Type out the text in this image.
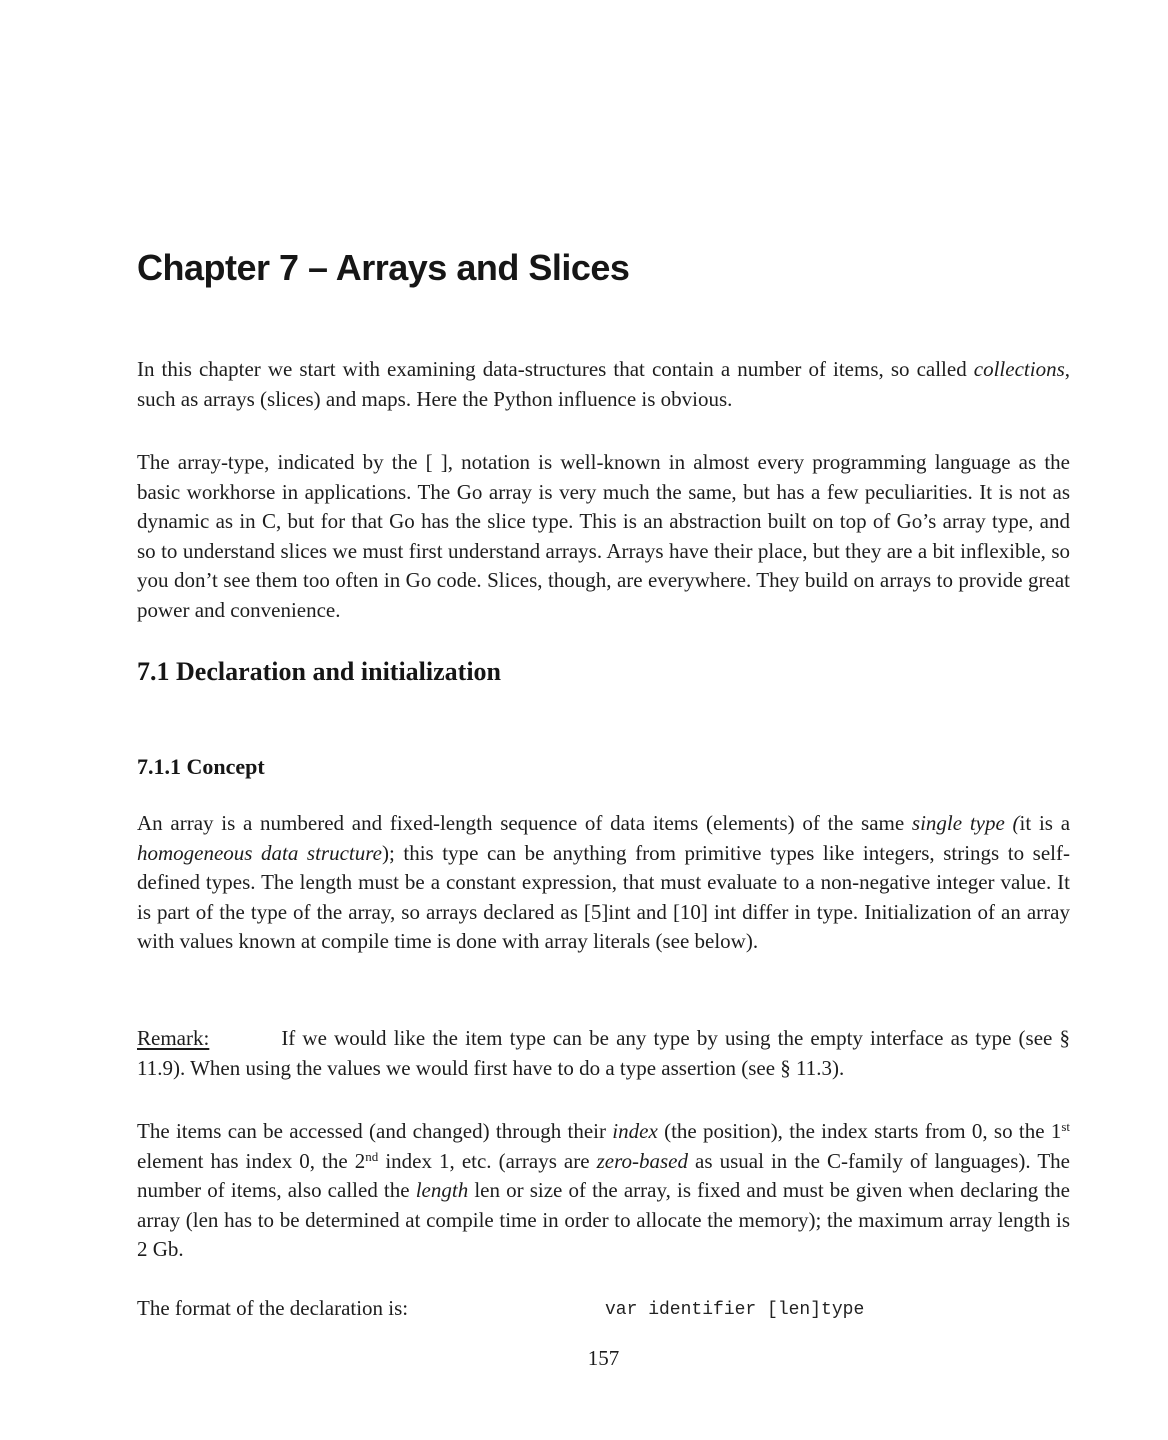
Chapter 7 – Arrays and Slices

In this chapter we start with examining data-structures that contain a number of items, so called collections, such as arrays (slices) and maps. Here the Python influence is obvious.

The array-type, indicated by the [ ], notation is well-known in almost every programming language as the basic workhorse in applications. The Go array is very much the same, but has a few peculiarities. It is not as dynamic as in C, but for that Go has the slice type. This is an abstraction built on top of Go’s array type, and so to understand slices we must first understand arrays. Arrays have their place, but they are a bit inflexible, so you don’t see them too often in Go code. Slices, though, are everywhere. They build on arrays to provide great power and convenience.

7.1 Declaration and initialization
7.1.1 Concept

An array is a numbered and fixed-length sequence of data items (elements) of the same single type (it is a homogeneous data structure); this type can be anything from primitive types like integers, strings to self-defined types. The length must be a constant expression, that must evaluate to a non-negative integer value. It is part of the type of the array, so arrays declared as [5]int and [10] int differ in type. Initialization of an array with values known at compile time is done with array literals (see below).

Remark:	If we would like the item type can be any type by using the empty interface as type (see § 11.9). When using the values we would first have to do a type assertion (see § 11.3).

The items can be accessed (and changed) through their index (the position), the index starts from 0, so the 1st element has index 0, the 2nd index 1, etc. (arrays are zero-based as usual in the C-family of languages). The number of items, also called the length len or size of the array, is fixed and must be given when declaring the array (len has to be determined at compile time in order to allocate the memory); the maximum array length is 2 Gb.

The format of the declaration is:	var identifier [len]type
157
